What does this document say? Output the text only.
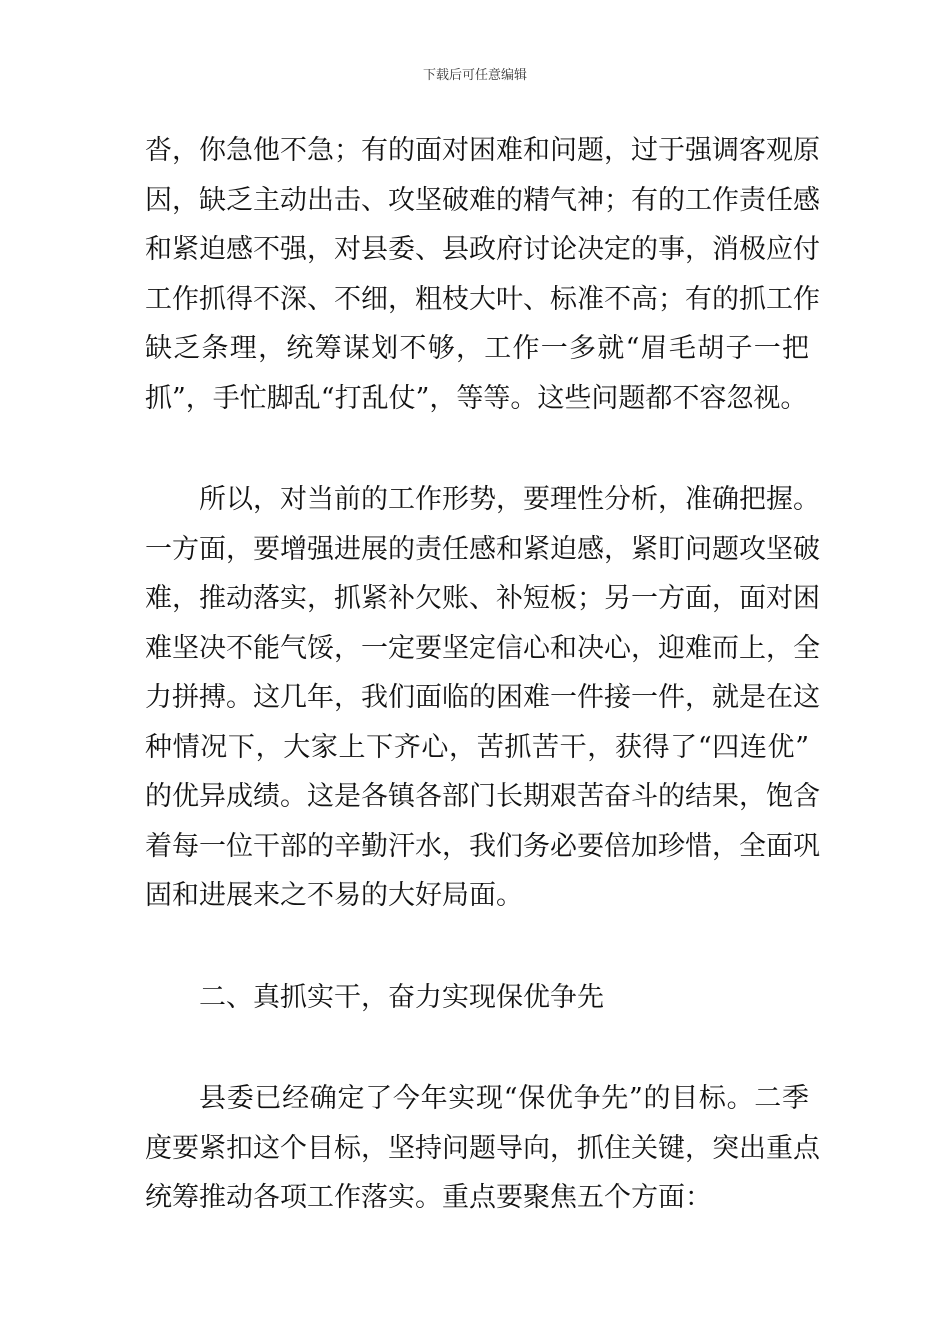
下载后可任意编辑
沓，你急他不急；有的面对困难和问题，过于强调客观原
因，缺乏主动出击、攻坚破难的精气神；有的工作责任感
和紧迫感不强，对县委、县政府讨论决定的事，消极应付
工作抓得不深、不细，粗枝大叶、标准不高；有的抓工作
缺乏条理，统筹谋划不够，工作一多就“眉毛胡子一把
抓”，手忙脚乱“打乱仗”，等等。这些问题都不容忽视。
所以，对当前的工作形势，要理性分析，准确把握。
一方面，要增强进展的责任感和紧迫感，紧盯问题攻坚破
难，推动落实，抓紧补欠账、补短板；另一方面，面对困
难坚决不能气馁，一定要坚定信心和决心，迎难而上，全
力拼搏。这几年，我们面临的困难一件接一件，就是在这
种情况下，大家上下齐心，苦抓苦干，获得了“四连优”
的优异成绩。这是各镇各部门长期艰苦奋斗的结果，饱含
着每一位干部的辛勤汗水，我们务必要倍加珍惜，全面巩
固和进展来之不易的大好局面。
二、真抓实干，奋力实现保优争先
县委已经确定了今年实现“保优争先”的目标。二季
度要紧扣这个目标，坚持问题导向，抓住关键，突出重点
统筹推动各项工作落实。重点要聚焦五个方面：
